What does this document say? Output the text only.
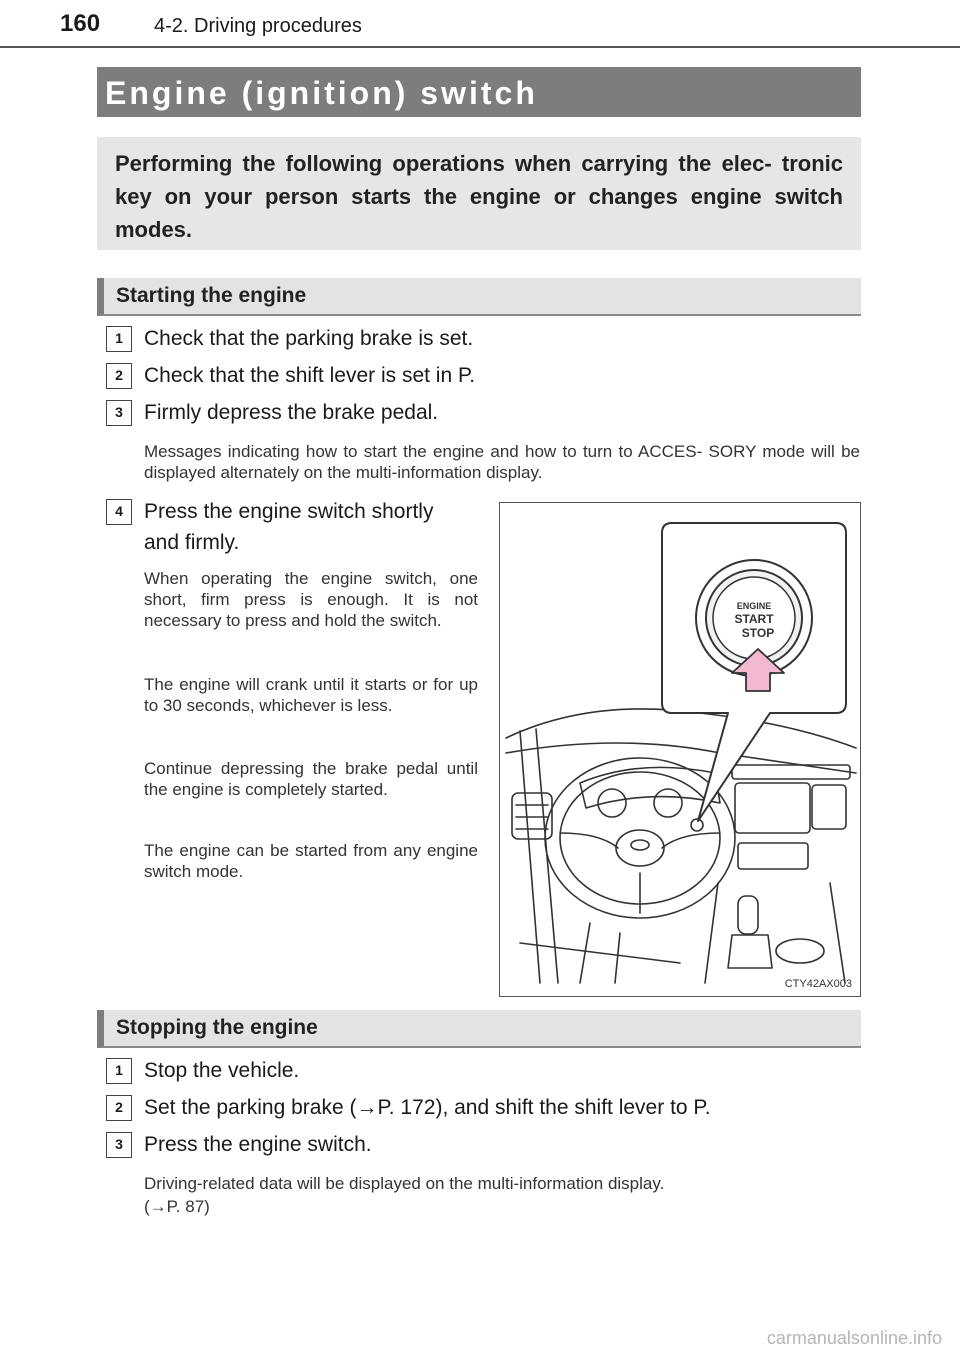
160	4-2. Driving procedures
Engine (ignition) switch

Performing the following operations when carrying the elec- tronic key on your person starts the engine or changes engine switch modes.

Starting the engine
1	Check that the parking brake is set.
2	Check that the shift lever is set in P.
3	Firmly depress the brake pedal.

Messages indicating how to start the engine and how to turn to ACCES- SORY mode will be displayed alternately on the multi-information display.

4	Press the engine switch shortly
and firmly.

When operating the engine switch, one short, firm press is enough. It is not necessary to press and hold the switch.

The engine will crank until it starts or for up to 30 seconds, whichever is less.

Continue depressing the brake pedal until the engine is completely started.

The engine can be started from any engine switch mode.

ENGINE
START
STOP
CTY42AX003
Stopping the engine
1	Stop the vehicle.
2	Set the parking brake (→P. 172), and shift the shift lever to P.
3	Press the engine switch.
Driving-related data will be displayed on the multi-information display.
(→P. 87)
carmanualsonline.info
